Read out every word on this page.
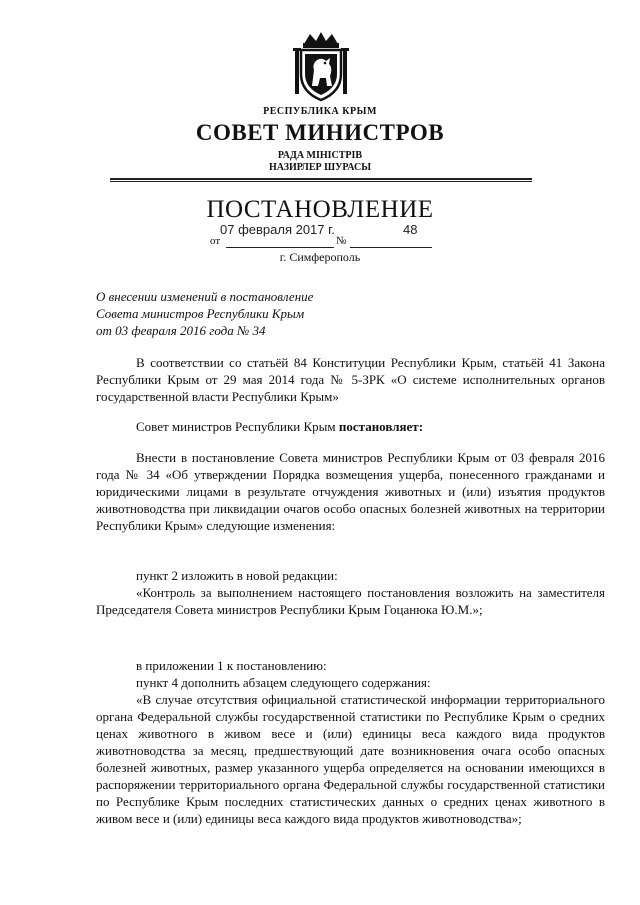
РЕСПУБЛИКА КРЫМ
СОВЕТ МИНИСТРОВ
РАДА МІНІСТРІВ
НАЗИРЛЕР ШУРАСЫ
ПОСТАНОВЛЕНИЕ
07 февраля 2017 г.	48
от	№
г. Симферополь
О внесении изменений в постановление
Совета министров Республики Крым
от 03 февраля 2016 года № 34
В соответствии со статьёй 84 Конституции Республики Крым, статьёй 41 Закона Республики Крым от 29 мая 2014 года № 5-ЗРК «О системе исполнительных органов государственной власти Республики Крым»
Совет министров Республики Крым постановляет:
Внести в постановление Совета министров Республики Крым от 03 февраля 2016 года № 34 «Об утверждении Порядка возмещения ущерба, понесенного гражданами и юридическими лицами в результате отчуждения животных и (или) изъятия продуктов животноводства при ликвидации очагов особо опасных болезней животных на территории Республики Крым» следующие изменения:
пункт 2 изложить в новой редакции:
«Контроль за выполнением настоящего постановления возложить на заместителя Председателя Совета министров Республики Крым Гоцанюка Ю.М.»;
в приложении 1 к постановлению:
пункт 4 дополнить абзацем следующего содержания:
«В случае отсутствия официальной статистической информации территориального органа Федеральной службы государственной статистики по Республике Крым о средних ценах животного в живом весе и (или) единицы веса каждого вида продуктов животноводства за месяц, предшествующий дате возникновения очага особо опасных болезней животных, размер указанного ущерба определяется на основании имеющихся в распоряжении территориального органа Федеральной службы государственной статистики по Республике Крым последних статистических данных о средних ценах животного в живом весе и (или) единицы веса каждого вида продуктов животноводства»;
